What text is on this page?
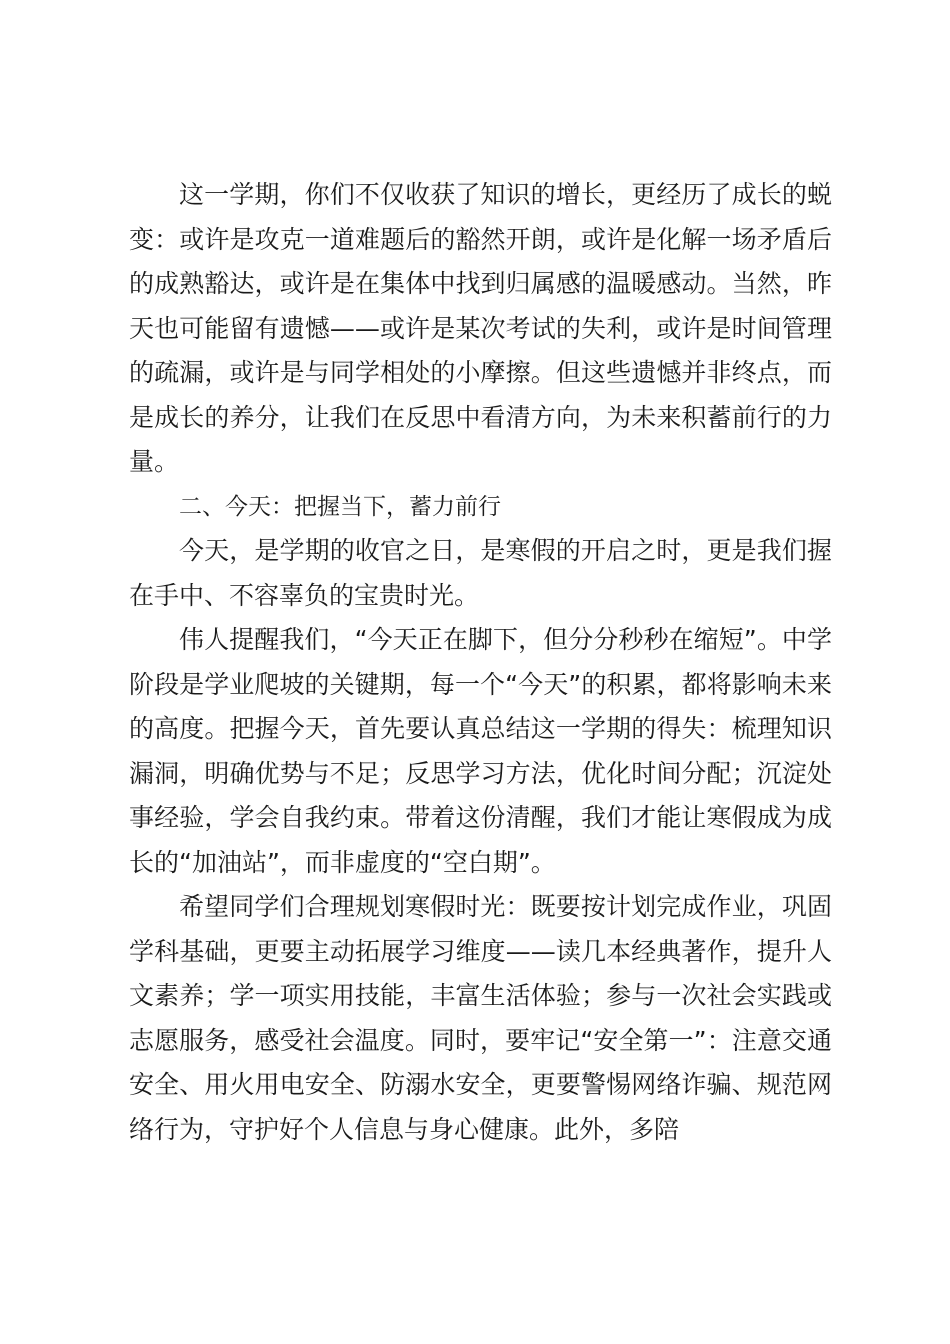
这一学期，你们不仅收获了知识的增长，更经历了成长的蜕变：或许是攻克一道难题后的豁然开朗，或许是化解一场矛盾后的成熟豁达，或许是在集体中找到归属感的温暖感动。当然，昨天也可能留有遗憾——或许是某次考试的失利，或许是时间管理的疏漏，或许是与同学相处的小摩擦。但这些遗憾并非终点，而是成长的养分，让我们在反思中看清方向，为未来积蓄前行的力量。

二、今天：把握当下，蓄力前行

今天，是学期的收官之日，是寒假的开启之时，更是我们握在手中、不容辜负的宝贵时光。

伟人提醒我们，“今天正在脚下，但分分秒秒在缩短”。中学阶段是学业爬坡的关键期，每一个“今天”的积累，都将影响未来的高度。把握今天，首先要认真总结这一学期的得失：梳理知识漏洞，明确优势与不足；反思学习方法，优化时间分配；沉淀处事经验，学会自我约束。带着这份清醒，我们才能让寒假成为成长的“加油站”，而非虚度的“空白期”。

希望同学们合理规划寒假时光：既要按计划完成作业，巩固学科基础，更要主动拓展学习维度——读几本经典著作，提升人文素养；学一项实用技能，丰富生活体验；参与一次社会实践或志愿服务，感受社会温度。同时，要牢记“安全第一”：注意交通安全、用火用电安全、防溺水安全，更要警惕网络诈骗、规范网络行为，守护好个人信息与身心健康。此外，多陪
